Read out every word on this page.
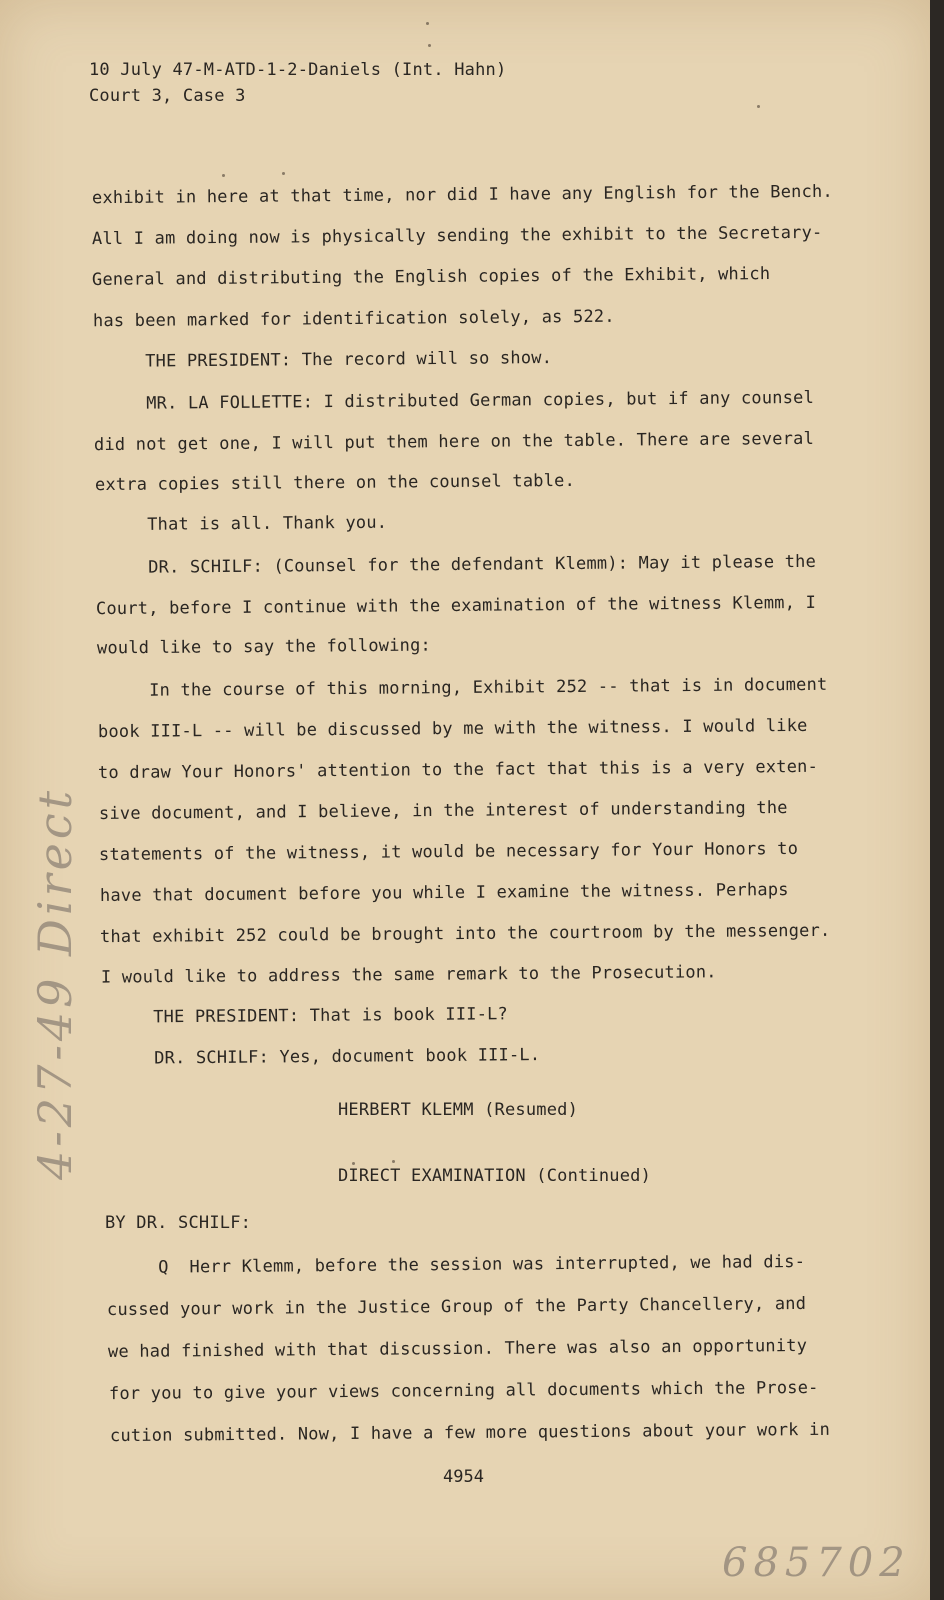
10 July 47-M-ATD-1-2-Daniels (Int. Hahn)
Court 3, Case 3
exhibit in here at that time, nor did I have any English for the Bench.
All I am doing now is physically sending the exhibit to the Secretary-
General and distributing the English copies of the Exhibit, which
has been marked for identification solely, as 522.
THE PRESIDENT: The record will so show.
MR. LA FOLLETTE: I distributed German copies, but if any counsel
did not get one, I will put them here on the table. There are several
extra copies still there on the counsel table.
That is all. Thank you.
DR. SCHILF: (Counsel for the defendant Klemm): May it please the
Court, before I continue with the examination of the witness Klemm, I
would like to say the following:
In the course of this morning, Exhibit 252 -- that is in document
book III-L -- will be discussed by me with the witness. I would like
to draw Your Honors' attention to the fact that this is a very exten-
sive document, and I believe, in the interest of understanding the
statements of the witness, it would be necessary for Your Honors to
have that document before you while I examine the witness. Perhaps
that exhibit 252 could be brought into the courtroom by the messenger.
I would like to address the same remark to the Prosecution.
THE PRESIDENT: That is book III-L?
DR. SCHILF: Yes, document book III-L.
HERBERT KLEMM (Resumed)
DIRECT EXAMINATION (Continued)
BY DR. SCHILF:
Q  Herr Klemm, before the session was interrupted, we had dis-
cussed your work in the Justice Group of the Party Chancellery, and
we had finished with that discussion. There was also an opportunity
for you to give your views concerning all documents which the Prose-
cution submitted. Now, I have a few more questions about your work in
4954
4-27-49 Direct
685702
